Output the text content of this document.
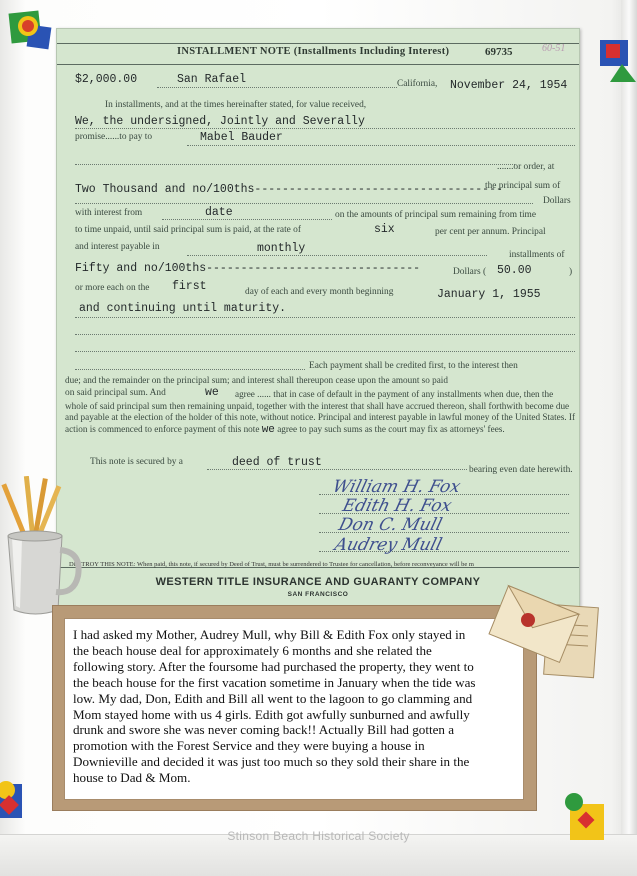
INSTALLMENT NOTE (Installments Including Interest)	69735	60-51
$2,000.00	San Rafael	California, November 24, 1954
In installments, and at the times hereinafter stated, for value received,
We, the undersigned, Jointly and Severally
promise......to pay to	Mabel Bauder
.......or order, at
Two Thousand and no/100ths------------------------------------
the principal sum of
Dollars
with interest from	date	on the amounts of principal sum remaining from time
to time unpaid, until said principal sum is paid, at the rate of	six	per cent per annum. Principal
and interest payable in	monthly	installments of
Fifty and no/100ths-------------------------------	Dollars ( 50.00	)
or more each on the first	day of each and every month beginning	January 1, 1955
and continuing until maturity.
Each payment shall be credited first, to the interest then
due; and the remainder on the principal sum; and interest shall thereupon cease upon the amount so paid
on said principal sum. And	we	agree ...... that in case of default in the payment of any installments when due, then the whole of said principal sum then remaining unpaid, together with the interest that shall have accrued thereon, shall forthwith become due and payable at the election of the holder of this note, without notice. Principal and interest payable in lawful money of the United States. If action is commenced to enforce payment of this note we agree to pay such sums as the court may fix as attorneys' fees.
This note is secured by a	deed of trust
bearing even date herewith.
William H. Fox
Edith H. Fox
Don C. Mull
Audrey Mull
DESTROY THIS NOTE: When paid, this note, if secured by Deed of Trust, must be surrendered to Trustee for cancellation, before reconveyance will be m
WESTERN TITLE INSURANCE AND GUARANTY COMPANY
SAN FRANCISCO
I had asked my Mother, Audrey Mull, why Bill & Edith Fox only stayed in
the beach house deal for approximately 6 months and she related the
following story. After the foursome had purchased the property, they went to
the beach house for the first vacation sometime in January when the tide was
low. My dad, Don, Edith and Bill all went to the lagoon to go clamming and
Mom stayed home with us 4 girls. Edith got awfully sunburned and awfully
drunk and swore she was never coming back!! Actually Bill had gotten a
promotion with the Forest Service and they were buying a house in
Downieville and decided it was just too much so they sold their share in the
house to Dad & Mom.
Stinson Beach Historical Society
